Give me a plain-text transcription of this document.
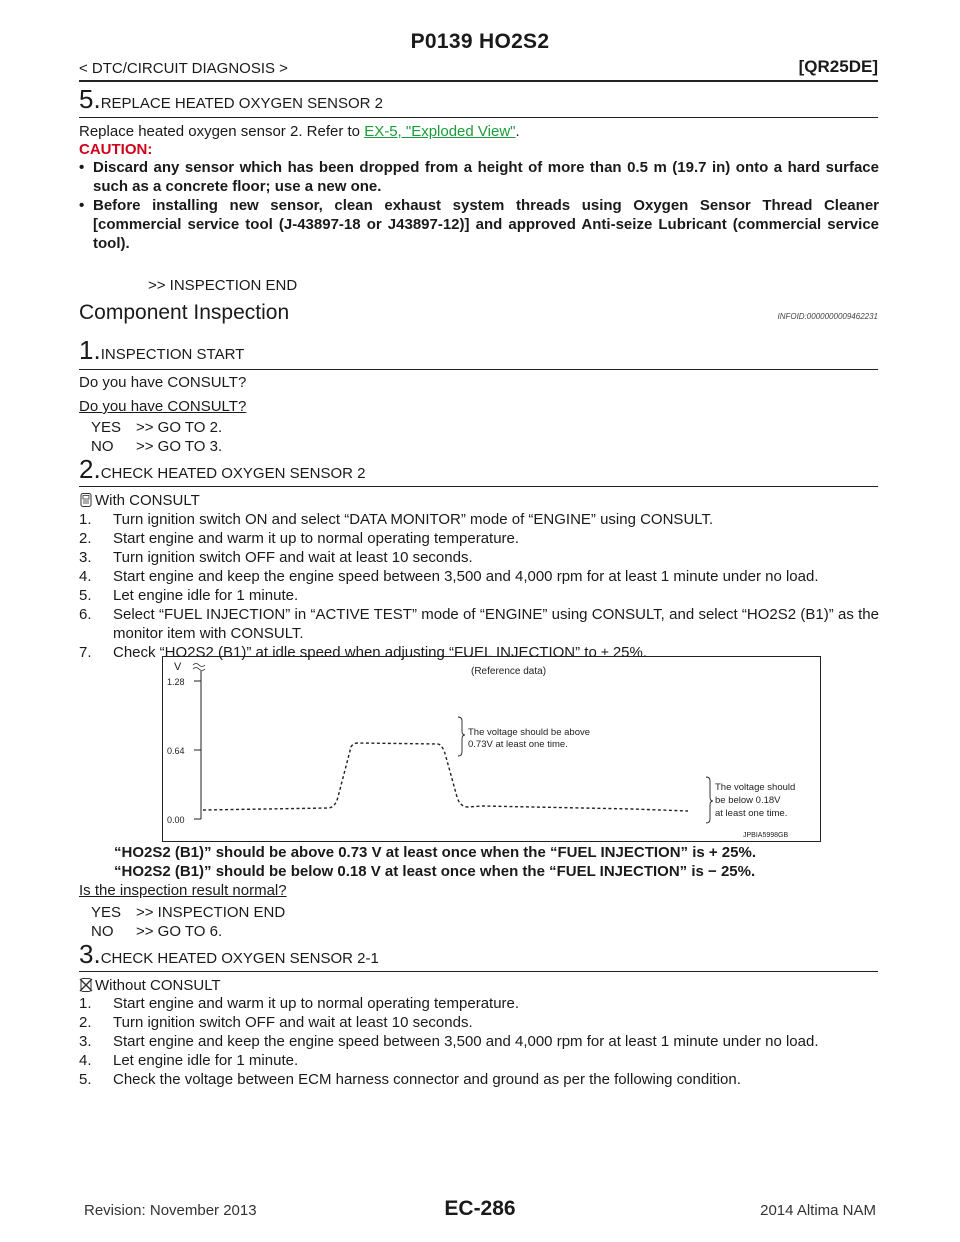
P0139 HO2S2
< DTC/CIRCUIT DIAGNOSIS >	[QR25DE]
5.REPLACE HEATED OXYGEN SENSOR 2
Replace heated oxygen sensor 2. Refer to EX-5, "Exploded View".
CAUTION:
• Discard any sensor which has been dropped from a height of more than 0.5 m (19.7 in) onto a hard surface such as a concrete floor; use a new one.
• Before installing new sensor, clean exhaust system threads using Oxygen Sensor Thread Cleaner [commercial service tool (J-43897-18 or J43897-12)] and approved Anti-seize Lubricant (commercial service tool).
>> INSPECTION END
Component Inspection	INFOID:0000000009462231
1.INSPECTION START
Do you have CONSULT?
Do you have CONSULT?
YES >> GO TO 2.
NO >> GO TO 3.
2.CHECK HEATED OXYGEN SENSOR 2
With CONSULT
1.	Turn ignition switch ON and select “DATA MONITOR” mode of “ENGINE” using CONSULT.
2.	Start engine and warm it up to normal operating temperature.
3.	Turn ignition switch OFF and wait at least 10 seconds.
4.	Start engine and keep the engine speed between 3,500 and 4,000 rpm for at least 1 minute under no load.
5.	Let engine idle for 1 minute.
6.	Select “FUEL INJECTION” in “ACTIVE TEST” mode of “ENGINE” using CONSULT, and select “HO2S2 (B1)” as the monitor item with CONSULT.
7.	Check “HO2S2 (B1)” at idle speed when adjusting “FUEL INJECTION” to ± 25%.
V
1.28
0.64
0.00
(Reference data)
The voltage should be above
0.73V at least one time.
The voltage should
be below 0.18V
at least one time.
JPBIA5998GB
“HO2S2 (B1)” should be above 0.73 V at least once when the “FUEL INJECTION” is + 25%.
“HO2S2 (B1)” should be below 0.18 V at least once when the “FUEL INJECTION” is − 25%.
Is the inspection result normal?
YES >> INSPECTION END
NO >> GO TO 6.
3.CHECK HEATED OXYGEN SENSOR 2-1
Without CONSULT
1.	Start engine and warm it up to normal operating temperature.
2.	Turn ignition switch OFF and wait at least 10 seconds.
3.	Start engine and keep the engine speed between 3,500 and 4,000 rpm for at least 1 minute under no load.
4.	Let engine idle for 1 minute.
5.	Check the voltage between ECM harness connector and ground as per the following condition.
Revision: November 2013	EC-286	2014 Altima NAM
